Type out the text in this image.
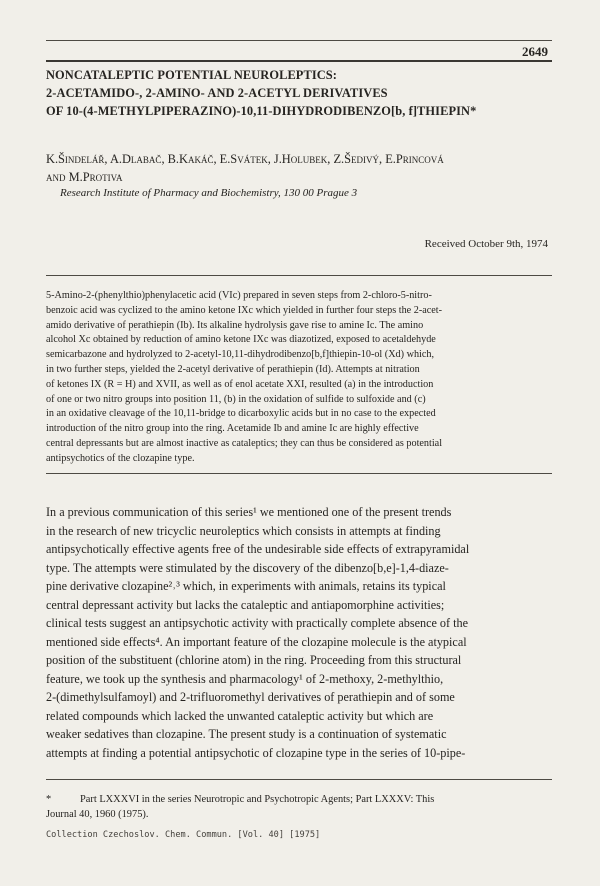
2649
NONCATALEPTIC POTENTIAL NEUROLEPTICS:
2-ACETAMIDO-, 2-AMINO- AND 2-ACETYL DERIVATIVES
OF 10-(4-METHYLPIPERAZINO)-10,11-DIHYDRODIBENZO[b, f]THIEPIN*
K.Šindelář, A.Dlabač, B.Kakáč, E.Svátek, J.Holubek, Z.Šedivý, E.Princová
and M.Protiva

Research Institute of Pharmacy and Biochemistry, 130 00 Prague 3

Received October 9th, 1974

5-Amino-2-(phenylthio)phenylacetic acid (VIc) prepared in seven steps from 2-chloro-5-nitro-
benzoic acid was cyclized to the amino ketone IXc which yielded in further four steps the 2-acet-
amido derivative of perathiepin (Ib). Its alkaline hydrolysis gave rise to amine Ic. The amino
alcohol Xc obtained by reduction of amino ketone IXc was diazotized, exposed to acetaldehyde
semicarbazone and hydrolyzed to 2-acetyl-10,11-dihydrodibenzo[b,f]thiepin-10-ol (Xd) which,
in two further steps, yielded the 2-acetyl derivative of perathiepin (Id). Attempts at nitration
of ketones IX (R = H) and XVII, as well as of enol acetate XXI, resulted (a) in the introduction
of one or two nitro groups into position 11, (b) in the oxidation of sulfide to sulfoxide and (c)
in an oxidative cleavage of the 10,11-bridge to dicarboxylic acids but in no case to the expected
introduction of the nitro group into the ring. Acetamide Ib and amine Ic are highly effective
central depressants but are almost inactive as cataleptics; they can thus be considered as potential
antipsychotics of the clozapine type.
In a previous communication of this series¹ we mentioned one of the present trends
in the research of new tricyclic neuroleptics which consists in attempts at finding
antipsychotically effective agents free of the undesirable side effects of extrapyramidal
type. The attempts were stimulated by the discovery of the dibenzo[b,e]-1,4-diaze-
pine derivative clozapine²˒³ which, in experiments with animals, retains its typical
central depressant activity but lacks the cataleptic and antiapomorphine activities;
clinical tests suggest an antipsychotic activity with practically complete absence of the
mentioned side effects⁴. An important feature of the clozapine molecule is the atypical
position of the substituent (chlorine atom) in the ring. Proceeding from this structural
feature, we took up the synthesis and pharmacology¹ of 2-methoxy, 2-methylthio,
2-(dimethylsulfamoyl) and 2-trifluoromethyl derivatives of perathiepin and of some
related compounds which lacked the unwanted cataleptic activity but which are
weaker sedatives than clozapine. The present study is a continuation of systematic
attempts at finding a potential antipsychotic of clozapine type in the series of 10-pipe-
*	Part LXXXVI in the series Neurotropic and Psychotropic Agents; Part LXXXV: This
Journal 40, 1960 (1975).

Collection Czechoslov. Chem. Commun. [Vol. 40] [1975]
